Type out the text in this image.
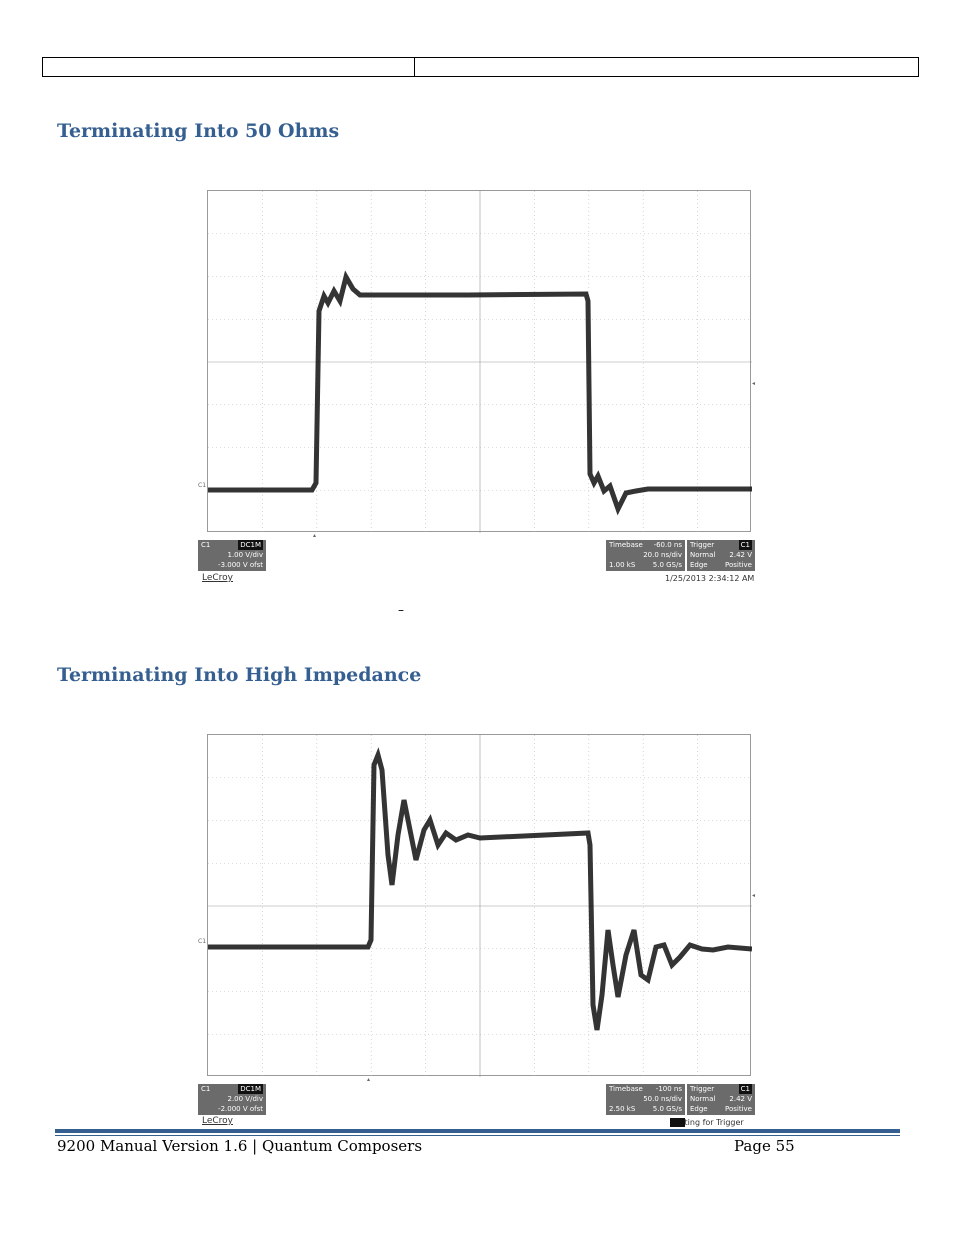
Terminating Into 50 Ohms
C1
◂
▴
C1	DC1M
1.00 V/div
-3.000 V ofst
LeCroy
Timebase -60.0 ns
20.0 ns/div
1.00 kS 5.0 GS/s
Trigger	C1
Normal 2.42 V
Edge Positive
1/25/2013 2:34:12 AM
–
Terminating Into High Impedance
C1
◂
▴
C1	DC1M
2.00 V/div
-2.000 V ofst
LeCroy
Timebase -100 ns
50.0 ns/div
2.50 kS 5.0 GS/s
Trigger	C1
Normal 2.42 V
Edge Positive
Waiting for Trigger
9200 Manual Version 1.6 | Quantum Composers	Page 55
